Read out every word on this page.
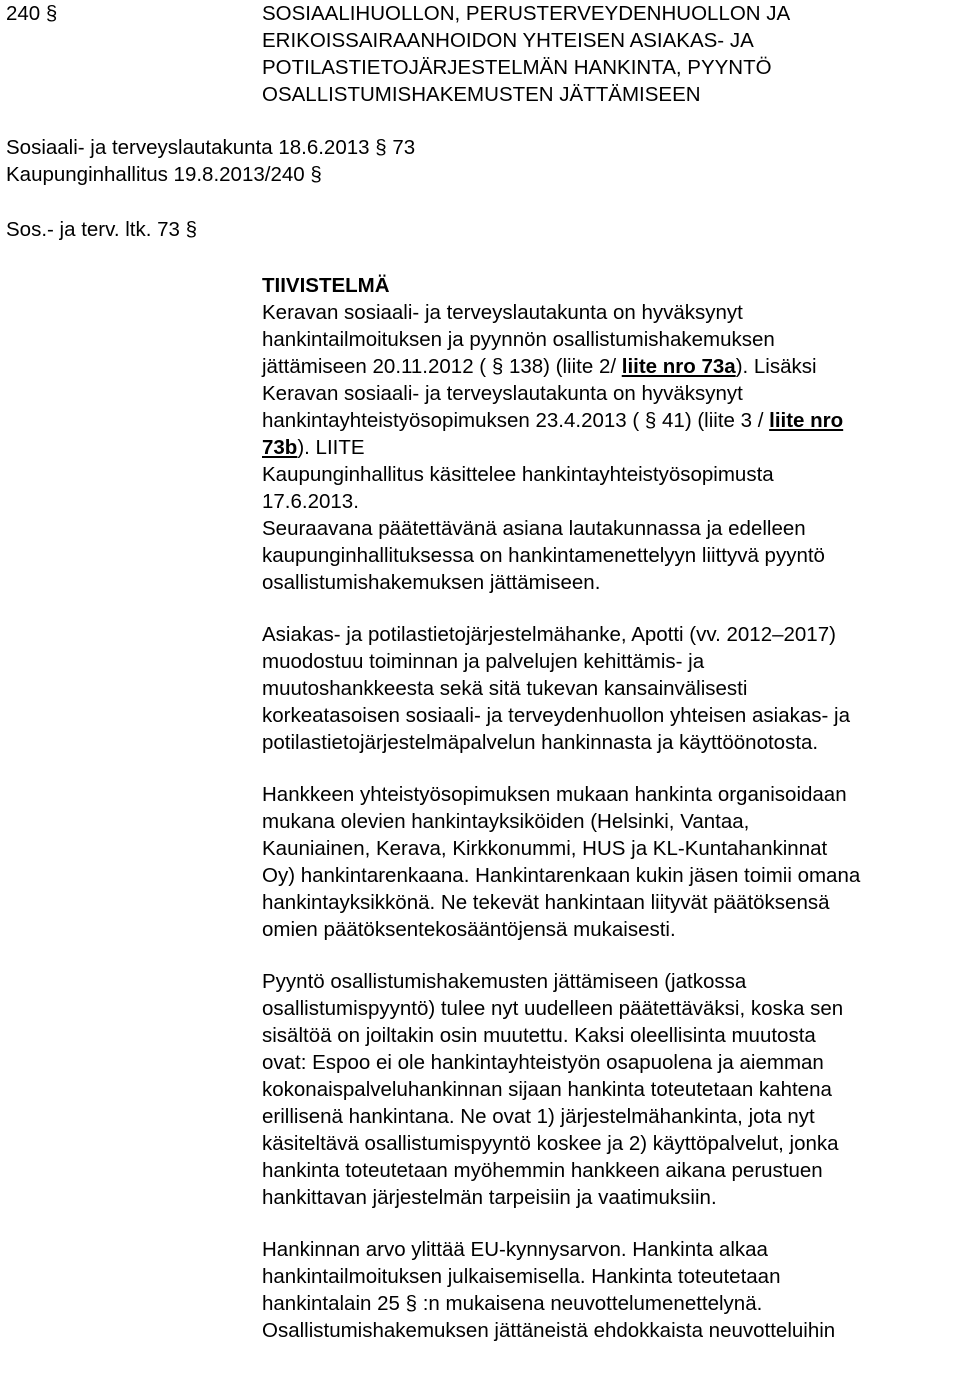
240 §	SOSIAALIHUOLLON, PERUSTERVEYDENHUOLLON JA
ERIKOISSAIRAANHOIDON YHTEISEN ASIAKAS- JA
POTILASTIETOJÄRJESTELMÄN HANKINTA, PYYNTÖ
OSALLISTUMISHAKEMUSTEN JÄTTÄMISEEN
Sosiaali- ja terveyslautakunta 18.6.2013 § 73
Kaupunginhallitus 19.8.2013/240 §
Sos.- ja terv. ltk. 73 §
TIIVISTELMÄ
Keravan sosiaali- ja terveyslautakunta on hyväksynyt
hankintailmoituksen ja pyynnön osallistumishakemuksen
jättämiseen 20.11.2012 ( § 138) (liite 2/ liite nro 73a). Lisäksi
Keravan sosiaali- ja terveyslautakunta on hyväksynyt
hankintayhteistyösopimuksen 23.4.2013 ( § 41) (liite 3 / liite nro
73b). LIITE
Kaupunginhallitus käsittelee hankintayhteistyösopimusta
17.6.2013.
Seuraavana päätettävänä asiana lautakunnassa ja edelleen
kaupunginhallituksessa on hankintamenettelyyn liittyvä pyyntö
osallistumishakemuksen jättämiseen.
Asiakas- ja potilastietojärjestelmähanke, Apotti (vv. 2012‒2017)
muodostuu toiminnan ja palvelujen kehittämis- ja
muutoshankkeesta sekä sitä tukevan kansainvälisesti
korkeatasoisen sosiaali- ja terveydenhuollon yhteisen asiakas- ja
potilastietojärjestelmäpalvelun hankinnasta ja käyttöönotosta.
Hankkeen yhteistyösopimuksen mukaan hankinta organisoidaan
mukana olevien hankintayksiköiden (Helsinki, Vantaa,
Kauniainen, Kerava, Kirkkonummi, HUS ja KL-Kuntahankinnat
Oy) hankintarenkaana. Hankintarenkaan kukin jäsen toimii omana
hankintayksikkönä. Ne tekevät hankintaan liityvät päätöksensä
omien päätöksentekosääntöjensä mukaisesti.
Pyyntö osallistumishakemusten jättämiseen (jatkossa
osallistumispyyntö) tulee nyt uudelleen päätettäväksi, koska sen
sisältöä on joiltakin osin muutettu. Kaksi oleellisinta muutosta
ovat: Espoo ei ole hankintayhteistyön osapuolena ja aiemman
kokonaispalveluhankinnan sijaan hankinta toteutetaan kahtena
erillisenä hankintana. Ne ovat 1) järjestelmähankinta, jota nyt
käsiteltävä osallistumispyyntö koskee ja 2) käyttöpalvelut, jonka
hankinta toteutetaan myöhemmin hankkeen aikana perustuen
hankittavan järjestelmän tarpeisiin ja vaatimuksiin.
Hankinnan arvo ylittää EU-kynnysarvon. Hankinta alkaa
hankintailmoituksen julkaisemisella. Hankinta toteutetaan
hankintalain 25 § :n mukaisena neuvottelumenettelynä.
Osallistumishakemuksen jättäneistä ehdokkaista neuvotteluihin
